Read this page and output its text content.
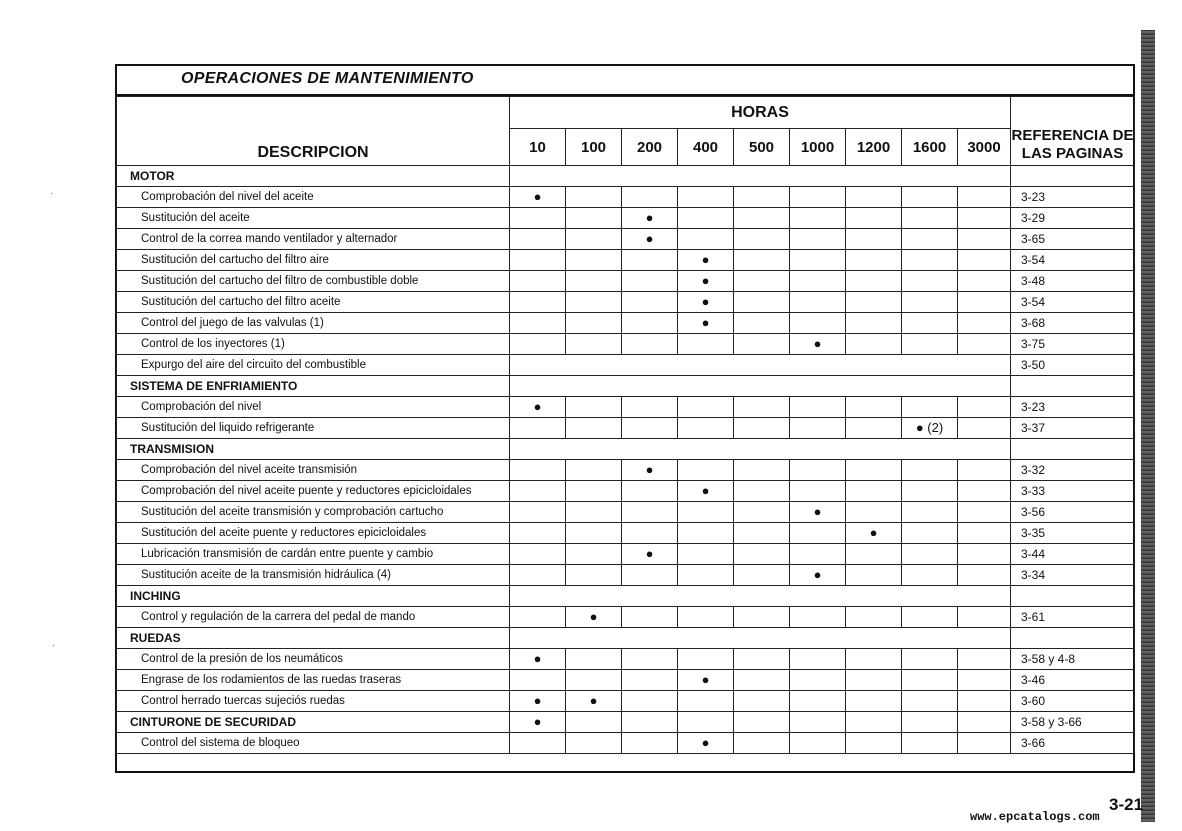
·
·
OPERACIONES DE MANTENIMIENTO
DESCRIPCION	HORAS									REFERENCIA DE
LAS PAGINAS

	10	100	200	400	500	1000	1200	1600	3000	
MOTOR										
Comprobación del nivel del aceite	●									3-23
Sustitución del aceite			●							3-29
Control de la correa mando ventilador y alternador			●							3-65
Sustitución del cartucho del filtro aire				●						3-54
Sustitución del cartucho del filtro de combustible doble				●						3-48
Sustitución del cartucho del filtro aceite				●						3-54
Control del juego de las valvulas (1)				●						3-68
Control de los inyectores (1)						●				3-75
Expurgo del aire del circuito del combustible										3-50
SISTEMA DE ENFRIAMIENTO										
Comprobación del nivel	●									3-23
Sustitución del liquido refrigerante								● (2)		3-37
TRANSMISION										
Comprobación del nivel aceite transmisión			●							3-32
Comprobación del nivel aceite puente y reductores epicicloidales				●						3-33
Sustitución del aceite transmisión y comprobación cartucho						●				3-56
Sustitución del aceite puente y reductores epicicloidales							●			3-35
Lubricación transmisión de cardán entre puente y cambio			●							3-44
Sustitución aceite de la transmisión hidráulica (4)						●				3-34
INCHING										
Control y regulación de la carrera del pedal de mando		●								3-61
RUEDAS										
Control de la presión de los neumáticos	●									3-58 y 4-8
Engrase de los rodamientos de las ruedas traseras				●						3-46
Control herrado tuercas sujeciós ruedas	●	●								3-60
CINTURONE DE SECURIDAD	●									3-58 y 3-66
Control del sistema de bloqueo				●						3-66
3-21
www.epcatalogs.com
